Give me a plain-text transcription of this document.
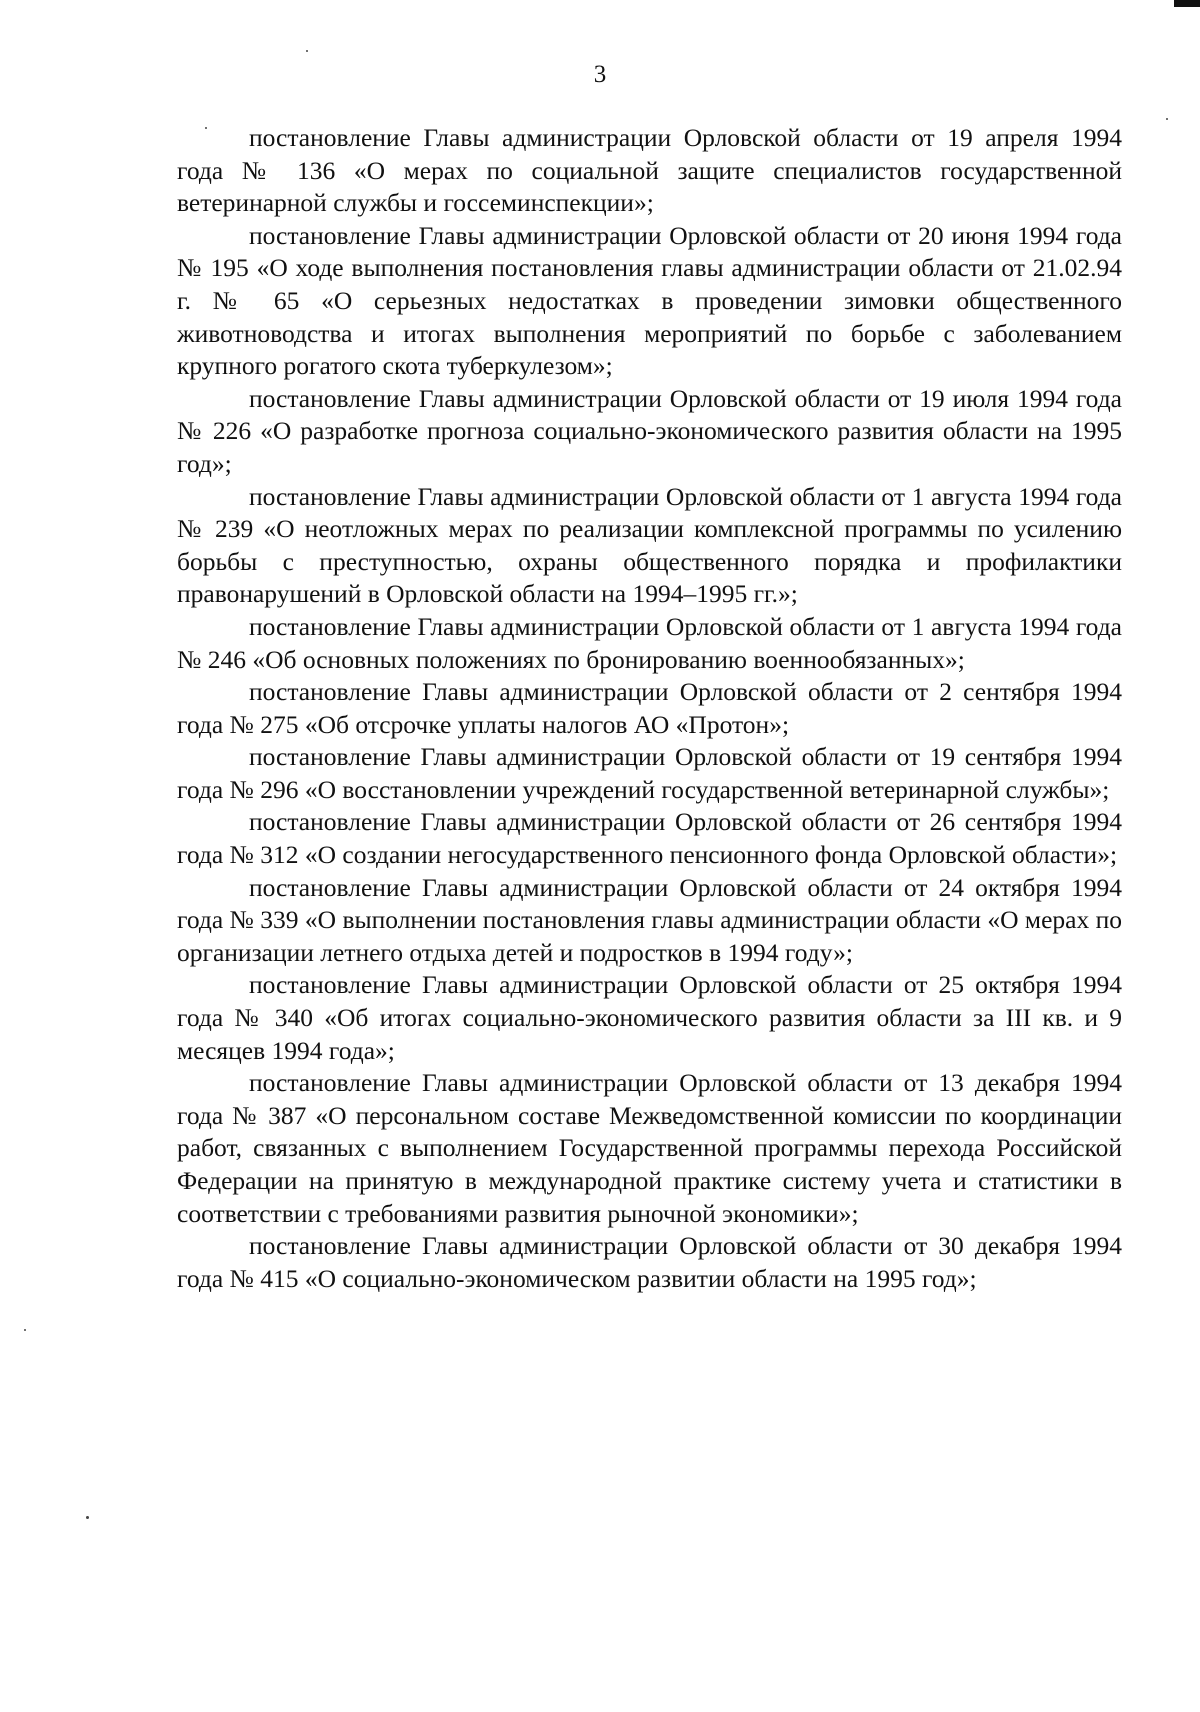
3

постановление Главы администрации Орловской области от 19 апреля 1994 года № 136 «О мерах по социальной защите специалистов государственной ветеринарной службы и госсеминспекции»;

постановление Главы администрации Орловской области от 20 июня 1994 года № 195 «О ходе выполнения постановления главы администрации области от 21.02.94 г. № 65 «О серьезных недостатках в проведении зимовки общественного животноводства и итогах выполнения мероприятий по борьбе с заболеванием крупного рогатого скота туберкулезом»;

постановление Главы администрации Орловской области от 19 июля 1994 года № 226 «О разработке прогноза социально-экономического развития области на 1995 год»;

постановление Главы администрации Орловской области от 1 августа 1994 года № 239 «О неотложных мерах по реализации комплексной программы по усилению борьбы с преступностью, охраны общественного порядка и профилактики правонарушений в Орловской области на 1994–1995 гг.»;

постановление Главы администрации Орловской области от 1 августа 1994 года № 246 «Об основных положениях по бронированию военнообязанных»;

постановление Главы администрации Орловской области от 2 сентября 1994 года № 275 «Об отсрочке уплаты налогов АО «Протон»;

постановление Главы администрации Орловской области от 19 сентября 1994 года № 296 «О восстановлении учреждений государственной ветеринарной службы»;

постановление Главы администрации Орловской области от 26 сентября 1994 года № 312 «О создании негосударственного пенсионного фонда Орловской области»;

постановление Главы администрации Орловской области от 24 октября 1994 года № 339 «О выполнении постановления главы администрации области «О мерах по организации летнего отдыха детей и подростков в 1994 году»;

постановление Главы администрации Орловской области от 25 октября 1994 года № 340 «Об итогах социально-экономического развития области за III кв. и 9 месяцев 1994 года»;

постановление Главы администрации Орловской области от 13 декабря 1994 года № 387 «О персональном составе Межведомственной комиссии по координации работ, связанных с выполнением Государственной программы перехода Российской Федерации на принятую в международной практике систему учета и статистики в соответствии с требованиями развития рыночной экономики»;

постановление Главы администрации Орловской области от 30 декабря 1994 года № 415 «О социально-экономическом развитии области на 1995 год»;
